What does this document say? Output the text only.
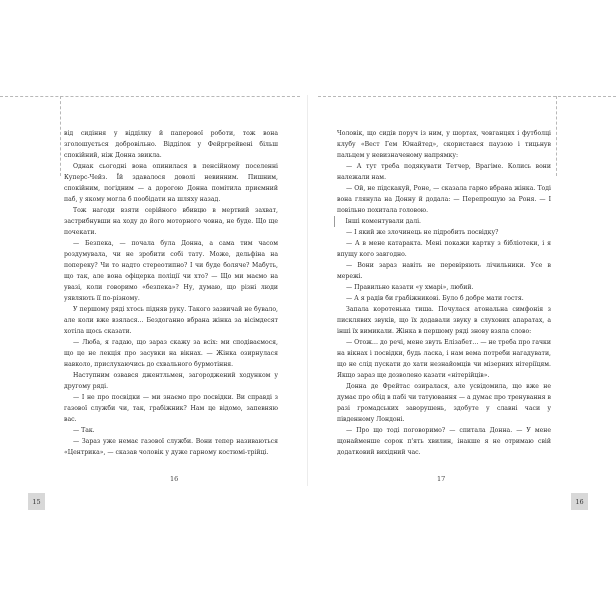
від сидіння у відділку й паперової роботи, тож вона зголошується добровільно. Відділок у Фейргрейвені більш спокійний, ніж Донна звикла.

Однак сьогодні вона опинилася в пенсійному поселенні Куперс-Чейз. Їй здавалося доволі невинним. Пишним, спокійним, погідним — а дорогою Донна помітила приємний паб, у якому могла б пообідати на шляху назад.

Тож нагоди взяти серійного вбивцю в мертвий захват, застрибнувши на ходу до його моторного човна, не буде. Що ще почекати.

— Безпека, — почала була Донна, а сама тим часом роздумувала, чи не зробити собі тату. Може, дельфіна на поперекy? Чи то надто стереотипно? І чи буде боляче? Мабуть, що так, але вона офіцерка поліції чи хто? — Що ми маємо на увазі, коли говоримо «безпека»? Ну, думаю, що різні люди уявляють її по-різному.

У першому ряді хтось підняв руку. Такого зазвичай не бувало, але коли вже взялася… Бездоганно вбрана жінка за вісімдесят хотіла щось сказати.

— Люба, я гадаю, що зараз скажу за всіх: ми сподіваємося, що це не лекція про засувки на вікнах. — Жінка озирнулася навколо, прислухаючись до схвального бурмотіння.

Наступним озвався джентльмен, загороджений ходунком у другому ряді.

— І не про посвідки — ми знаємо про посвідки. Ви справді з газової служби чи, так, грабіжник? Нам це відомо, запевняю вас.

— Так.

— Зараз уже немає газової служби. Вони тепер називаються «Центрика», — сказав чоловік у дуже гарному костюмі-трійці.

Чоловік, що сидів поруч із ним, у шортах, човганцях і футболці клубу «Вест Гем Юнайтед», скористався паузою і тицьнув пальцем у невизначеному напрямку:

— А тут треба подякувати Тетчер, Врагіме. Колись вони належали нам.

— Ой, не підскакуй, Роне, — сказала гарно вбрана жінка. Тоді вона глянула на Донну й додала: — Перепрошую за Роня. — І повільно похитала головою.

Інші коментували далі.

— І який же злочинець не підробить посвідку?

— А в мене катаракта. Мені покажи картку з бібліотеки, і я впущу кого завгодно.

— Вони зараз навіть не перевіряють лічильники. Усе в мережі.

— Правильно казати «у хмарі», любий.

— А я радів би грабіжникові. Було б добре мати гостя.

Запала коротенька тиша. Почулася атональна симфонія з писклявих звуків, що їх додавали звуку в слухових апаратах, а інші їх вимикали. Жінка в першому ряді знову взяла слово:

— Отож… до речі, мене звуть Елізабет… — не треба про гачки на вікнах і посвідки, будь ласка, і нам вема потреби нагадувати, що не слід пускати до хати незнайомців чи мізерних нітеріїцям. Якщо зараз ще дозволено казати «нітерійців».

Донна де Фрейтас озиралася, але усвідомила, що вже не думає про обід в пабі чи татуювання — а думає про тренування в разі громадських заворушень, здобуте у славні часи у південному Лондоні.

— Про що тоді поговоримо? — спитала Донна. — У мене щонайменше сорок п'ять хвилин, інакше я не отримаю свій додатковий вихідний час.

16	17
15	16
